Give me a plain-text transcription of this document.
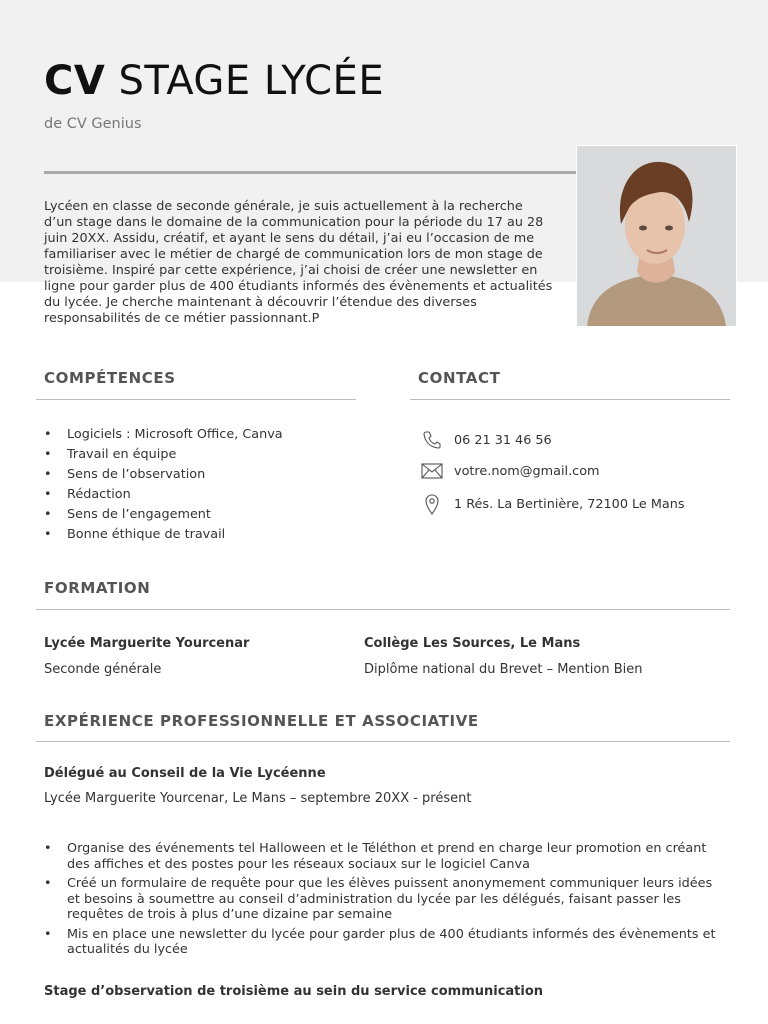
CV STAGE LYCÉE
de CV Genius
Lycéen en classe de seconde générale, je suis actuellement à la recherche d’un stage dans le domaine de la communication pour la période du 17 au 28 juin 20XX. Assidu, créatif, et ayant le sens du détail, j’ai eu l’occasion de me familiariser avec le métier de chargé de communication lors de mon stage de troisième. Inspiré par cette expérience, j’ai choisi de créer une newsletter en ligne pour garder plus de 400 étudiants informés des évènements et actualités du lycée. Je cherche maintenant à découvrir l’étendue des diverses responsabilités de ce métier passionnant.P
COMPÉTENCES
• Logiciels : Microsoft Office, Canva
• Travail en équipe
• Sens de l’observation
• Rédaction
• Sens de l’engagement
• Bonne éthique de travail
CONTACT
06 21 31 46 56
votre.nom@gmail.com
1 Rés. La Bertinière, 72100 Le Mans
FORMATION
Lycée Marguerite Yourcenar
Seconde générale
Collège Les Sources, Le Mans
Diplôme national du Brevet – Mention Bien
EXPÉRIENCE PROFESSIONNELLE ET ASSOCIATIVE
Délégué au Conseil de la Vie Lycéenne
Lycée Marguerite Yourcenar, Le Mans – septembre 20XX - présent
• Organise des événements tel Halloween et le Téléthon et prend en charge leur promotion en créant des affiches et des postes pour les réseaux sociaux sur le logiciel Canva
• Créé un formulaire de requête pour que les élèves puissent anonymement communiquer leurs idées et besoins à soumettre au conseil d’administration du lycée par les délégués, faisant passer les requêtes de trois à plus d’une dizaine par semaine
• Mis en place une newsletter du lycée pour garder plus de 400 étudiants informés des évènements et actualités du lycée
Stage d’observation de troisième au sein du service communication
